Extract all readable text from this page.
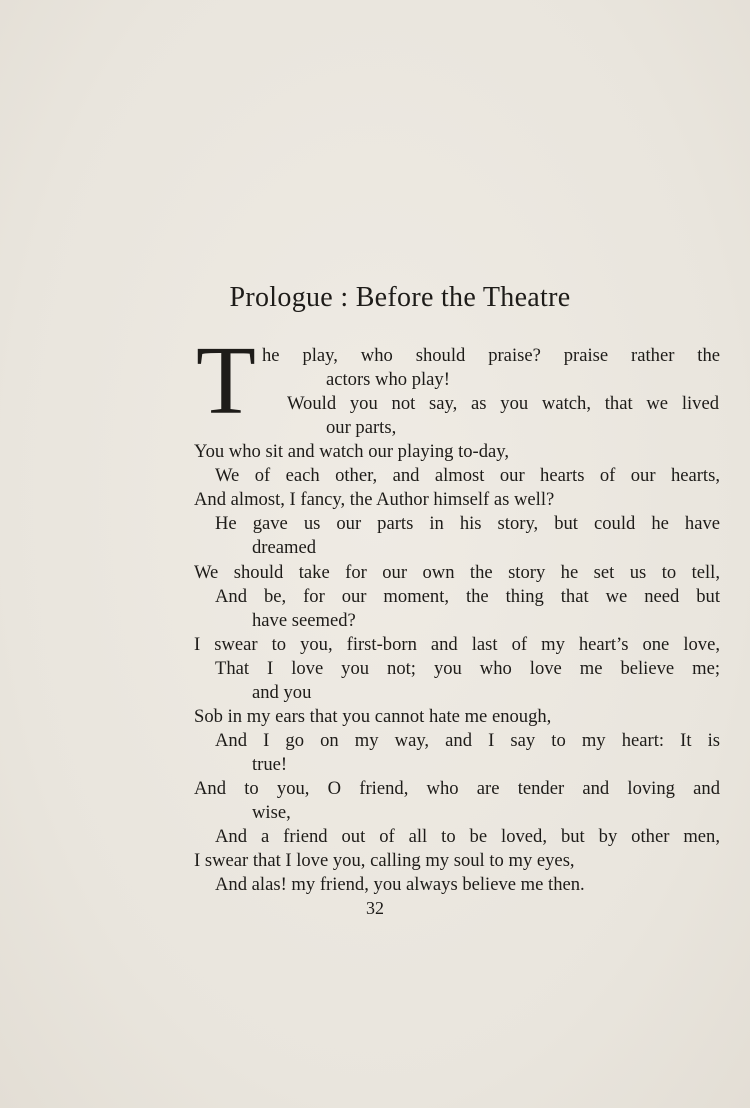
Prologue : Before the Theatre
T he play, who should praise? praise rather the
actors who play!
Would you not say, as you watch, that we lived
our parts,
You who sit and watch our playing to-day,
We of each other, and almost our hearts of our hearts,
And almost, I fancy, the Author himself as well?
He gave us our parts in his story, but could he have
dreamed
We should take for our own the story he set us to tell,
And be, for our moment, the thing that we need but
have seemed?
I swear to you, first-born and last of my heart’s one love,
That I love you not; you who love me believe me;
and you
Sob in my ears that you cannot hate me enough,
And I go on my way, and I say to my heart: It is
true!
And to you, O friend, who are tender and loving and
wise,
And a friend out of all to be loved, but by other men,
I swear that I love you, calling my soul to my eyes,
And alas! my friend, you always believe me then.
32
